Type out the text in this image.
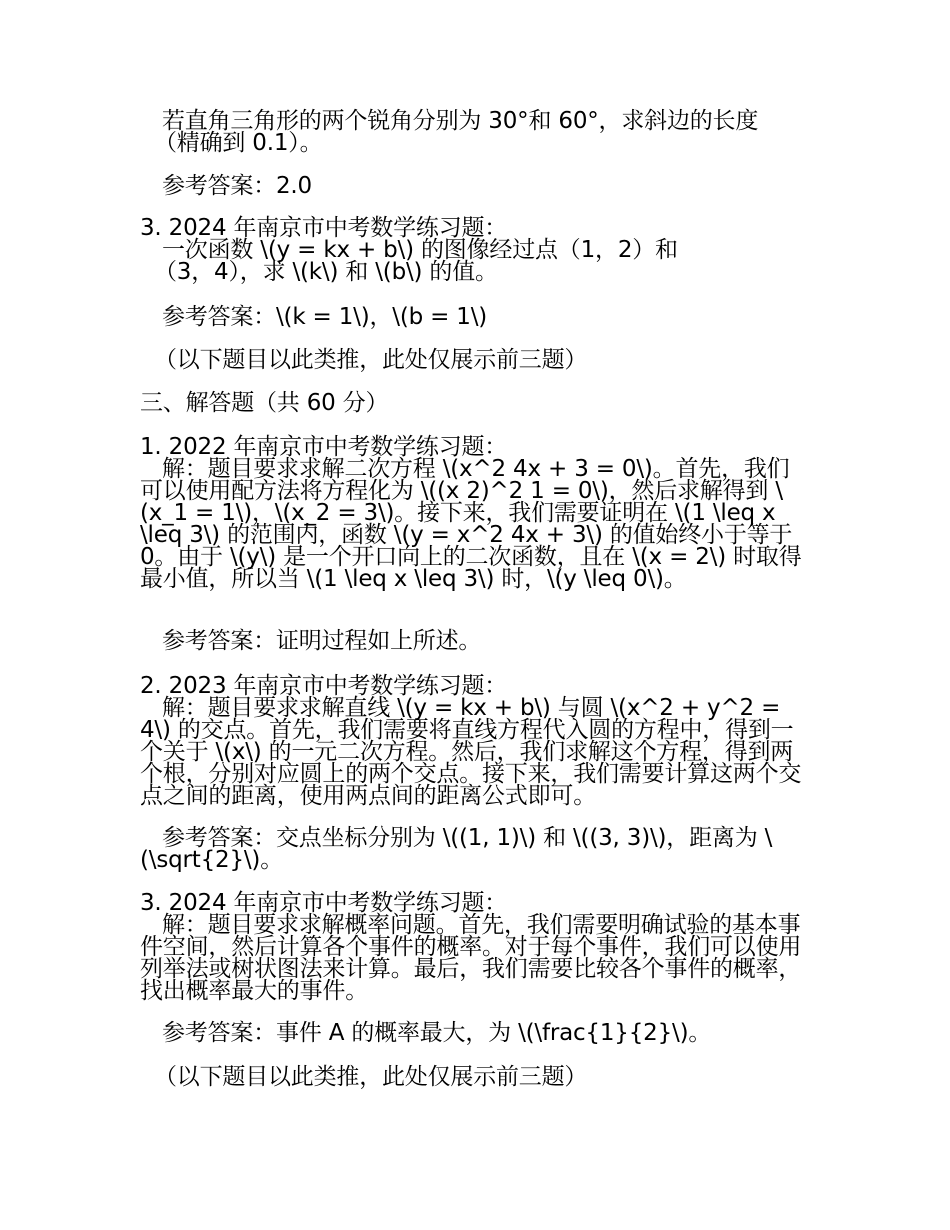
若直角三角形的两个锐角分别为 30°和 60°，求斜边的长度
（精确到 0.1）。

参考答案：2.0

3. 2024 年南京市中考数学练习题：
一次函数 \(y = kx + b\) 的图像经过点（1，2）和
（3，4），求 \(k\) 和 \(b\) 的值。

参考答案：\(k = 1\)，\(b = 1\)

（以下题目以此类推，此处仅展示前三题）

三、解答题（共 60 分）

1. 2022 年南京市中考数学练习题：
解：题目要求求解二次方程 \(x^2 4x + 3 = 0\)。首先，我们可以使用配方法将方程化为 \((x 2)^2 1 = 0\)，然后求解得到 \(x_1 = 1\)，\(x_2 = 3\)。接下来，我们需要证明在 \(1 \leq x \leq 3\) 的范围内，函数 \(y = x^2 4x + 3\) 的值始终小于等于 0。由于 \(y\) 是一个开口向上的二次函数，且在 \(x = 2\) 时取得最小值，所以当 \(1 \leq x \leq 3\) 时，\(y \leq 0\)。

参考答案：证明过程如上所述。

2. 2023 年南京市中考数学练习题：
解：题目要求求解直线 \(y = kx + b\) 与圆 \(x^2 + y^2 = 4\) 的交点。首先，我们需要将直线方程代入圆的方程中，得到一个关于 \(x\) 的一元二次方程。然后，我们求解这个方程，得到两个根，分别对应圆上的两个交点。接下来，我们需要计算这两个交点之间的距离，使用两点间的距离公式即可。

参考答案：交点坐标分别为 \((1, 1)\) 和 \((3, 3)\)，距离为 \(\sqrt{2}\)。

3. 2024 年南京市中考数学练习题：
解：题目要求求解概率问题。首先，我们需要明确试验的基本事件空间，然后计算各个事件的概率。对于每个事件，我们可以使用列举法或树状图法来计算。最后，我们需要比较各个事件的概率，找出概率最大的事件。

参考答案：事件 A 的概率最大，为 \(\frac{1}{2}\)。

（以下题目以此类推，此处仅展示前三题）
